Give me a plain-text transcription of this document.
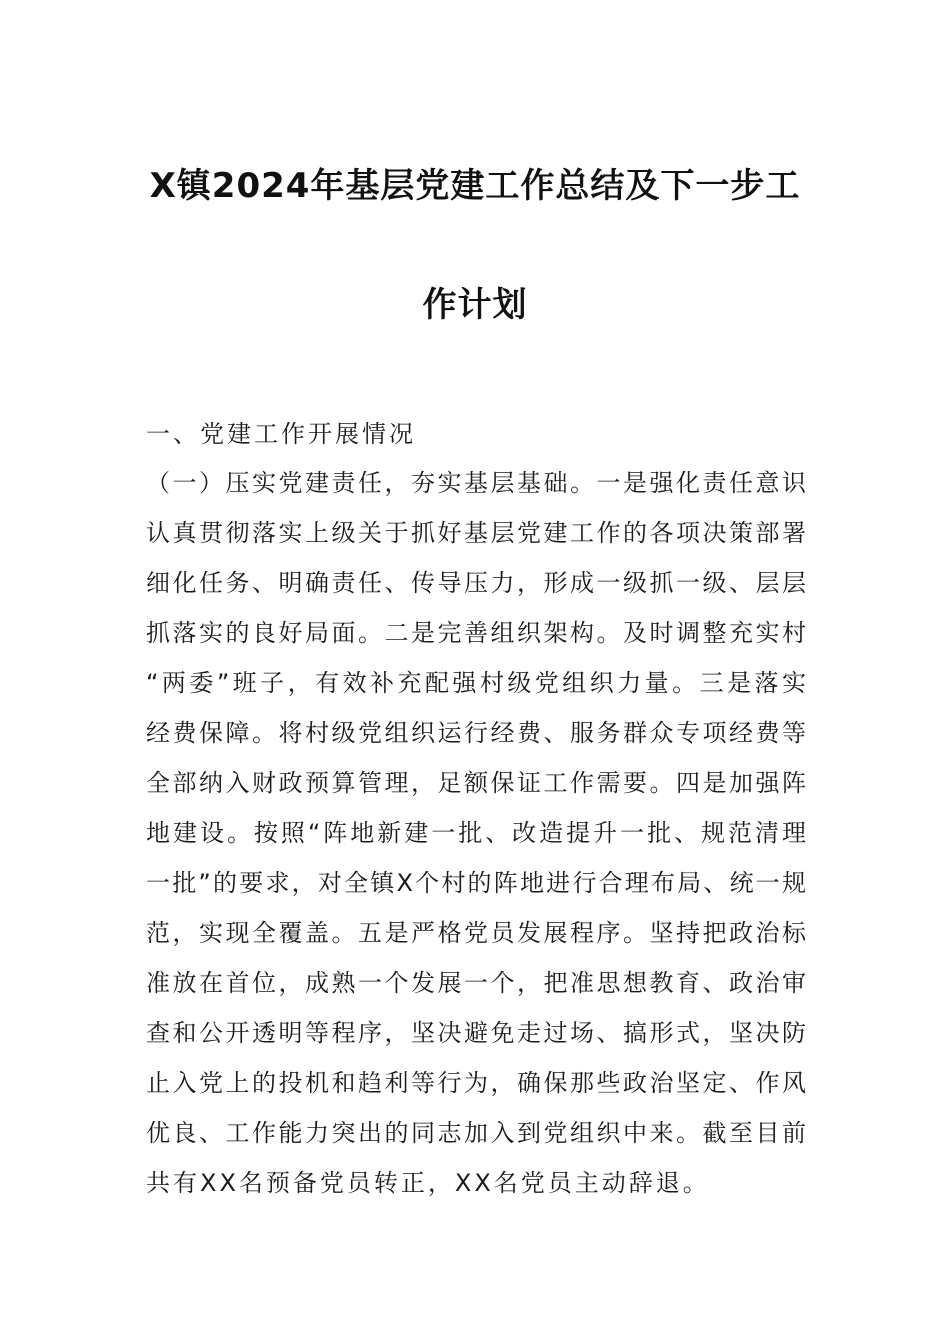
X镇2024年基层党建工作总结及下一步工
作计划
一、党建工作开展情况
（一）压实党建责任，夯实基层基础。一是强化责任意识
认真贯彻落实上级关于抓好基层党建工作的各项决策部署
细化任务、明确责任、传导压力，形成一级抓一级、层层
抓落实的良好局面。二是完善组织架构。及时调整充实村
“两委”班子，有效补充配强村级党组织力量。三是落实
经费保障。将村级党组织运行经费、服务群众专项经费等
全部纳入财政预算管理，足额保证工作需要。四是加强阵
地建设。按照“阵地新建一批、改造提升一批、规范清理
一批”的要求，对全镇X个村的阵地进行合理布局、统一规
范，实现全覆盖。五是严格党员发展程序。坚持把政治标
准放在首位，成熟一个发展一个，把准思想教育、政治审
查和公开透明等程序，坚决避免走过场、搞形式，坚决防
止入党上的投机和趋利等行为，确保那些政治坚定、作风
优良、工作能力突出的同志加入到党组织中来。截至目前
共有XX名预备党员转正，XX名党员主动辞退。
